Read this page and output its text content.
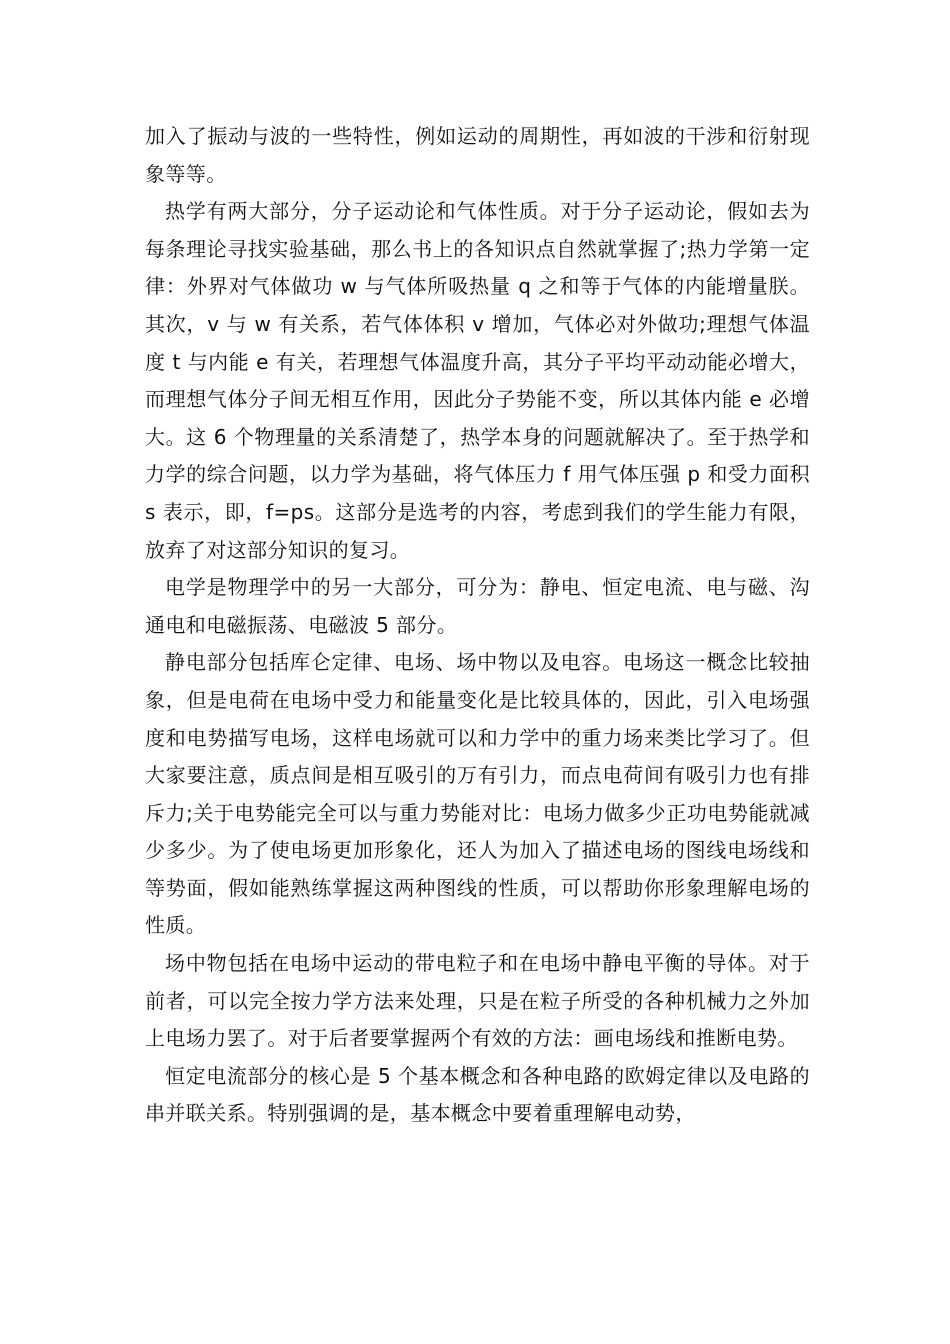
加入了振动与波的一些特性，例如运动的周期性，再如波的干涉和衍射现象等等。

热学有两大部分，分子运动论和气体性质。对于分子运动论，假如去为每条理论寻找实验基础，那么书上的各知识点自然就掌握了;热力学第一定律：外界对气体做功 w 与气体所吸热量 q 之和等于气体的内能增量朕。其次，v 与 w 有关系，若气体体积 v 增加，气体必对外做功;理想气体温度 t 与内能 e 有关，若理想气体温度升高，其分子平均平动动能必增大，而理想气体分子间无相互作用，因此分子势能不变，所以其体内能 e 必增大。这 6 个物理量的关系清楚了，热学本身的问题就解决了。至于热学和力学的综合问题，以力学为基础，将气体压力 f 用气体压强 p 和受力面积 s 表示，即，f=ps。这部分是选考的内容，考虑到我们的学生能力有限，放弃了对这部分知识的复习。

电学是物理学中的另一大部分，可分为：静电、恒定电流、电与磁、沟通电和电磁振荡、电磁波 5 部分。

静电部分包括库仑定律、电场、场中物以及电容。电场这一概念比较抽象，但是电荷在电场中受力和能量变化是比较具体的，因此，引入电场强度和电势描写电场，这样电场就可以和力学中的重力场来类比学习了。但大家要注意，质点间是相互吸引的万有引力，而点电荷间有吸引力也有排斥力;关于电势能完全可以与重力势能对比：电场力做多少正功电势能就减少多少。为了使电场更加形象化，还人为加入了描述电场的图线电场线和等势面，假如能熟练掌握这两种图线的性质，可以帮助你形象理解电场的性质。

场中物包括在电场中运动的带电粒子和在电场中静电平衡的导体。对于前者，可以完全按力学方法来处理，只是在粒子所受的各种机械力之外加上电场力罢了。对于后者要掌握两个有效的方法：画电场线和推断电势。

恒定电流部分的核心是 5 个基本概念和各种电路的欧姆定律以及电路的串并联关系。特别强调的是，基本概念中要着重理解电动势，
